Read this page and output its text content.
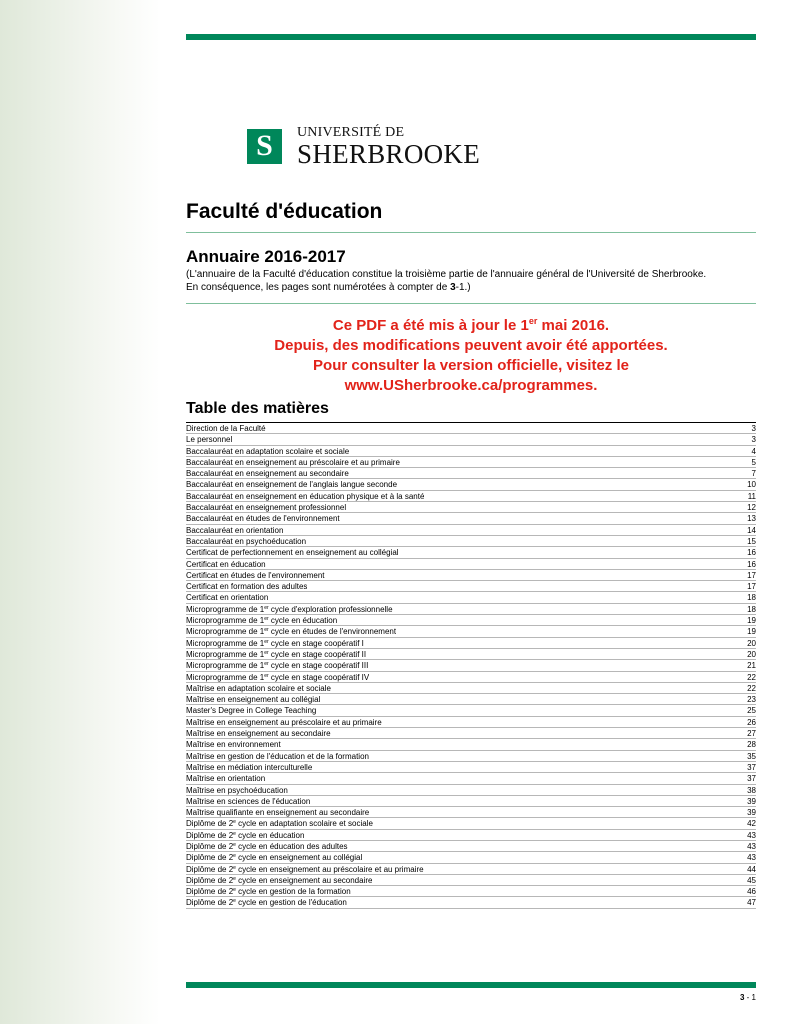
S	UNIVERSITÉ DE
SHERBROOKE
Faculté d'éducation
Annuaire 2016-2017
(L'annuaire de la Faculté d'éducation constitue la troisième partie de l'annuaire général de l'Université de Sherbrooke.
En conséquence, les pages sont numérotées à compter de 3-1.)
Ce PDF a été mis à jour le 1er mai 2016.
Depuis, des modifications peuvent avoir été apportées.
Pour consulter la version officielle, visitez le
www.USherbrooke.ca/programmes.
Table des matières
Direction de la Faculté	3
Le personnel	3
Baccalauréat en adaptation scolaire et sociale	4
Baccalauréat en enseignement au préscolaire et au primaire	5
Baccalauréat en enseignement au secondaire	7
Baccalauréat en enseignement de l'anglais langue seconde	10
Baccalauréat en enseignement en éducation physique et à la santé	11
Baccalauréat en enseignement professionnel	12
Baccalauréat en études de l'environnement	13
Baccalauréat en orientation	14
Baccalauréat en psychoéducation	15
Certificat de perfectionnement en enseignement au collégial	16
Certificat en éducation	16
Certificat en études de l'environnement	17
Certificat en formation des adultes	17
Certificat en orientation	18
Microprogramme de 1er cycle d'exploration professionnelle	18
Microprogramme de 1er cycle en éducation	19
Microprogramme de 1er cycle en études de l'environnement	19
Microprogramme de 1er cycle en stage coopératif I	20
Microprogramme de 1er cycle en stage coopératif II	20
Microprogramme de 1er cycle en stage coopératif III	21
Microprogramme de 1er cycle en stage coopératif IV	22
Maîtrise en adaptation scolaire et sociale	22
Maîtrise en enseignement au collégial	23
Master's Degree in College Teaching	25
Maîtrise en enseignement au préscolaire et au primaire	26
Maîtrise en enseignement au secondaire	27
Maîtrise en environnement	28
Maîtrise en gestion de l'éducation et de la formation	35
Maîtrise en médiation interculturelle	37
Maîtrise en orientation	37
Maîtrise en psychoéducation	38
Maîtrise en sciences de l'éducation	39
Maîtrise qualifiante en enseignement au secondaire	39
Diplôme de 2e cycle en adaptation scolaire et sociale	42
Diplôme de 2e cycle en éducation	43
Diplôme de 2e cycle en éducation des adultes	43
Diplôme de 2e cycle en enseignement au collégial	43
Diplôme de 2e cycle en enseignement au préscolaire et au primaire	44
Diplôme de 2e cycle en enseignement au secondaire	45
Diplôme de 2e cycle en gestion de la formation	46
Diplôme de 2e cycle en gestion de l'éducation	47
3 - 1
